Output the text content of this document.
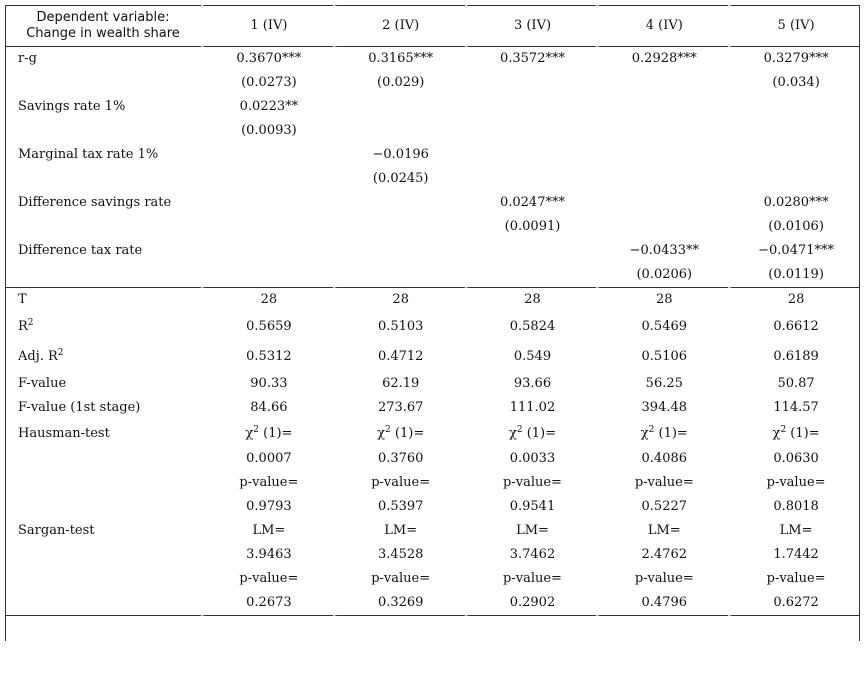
Dependent variable:
Change in wealth share	1 (IV)	2 (IV)	3 (IV)	4 (IV)	5 (IV)
r-g	0.3670***	0.3165***	0.3572***	0.2928***	0.3279***
	(0.0273)	(0.029)			(0.034)
Savings rate 1%	0.0223**				
	(0.0093)				
Marginal tax rate 1%		−0.0196			
		(0.0245)			
Difference savings rate			0.0247***		0.0280***
			(0.0091)		(0.0106)
Difference tax rate				−0.0433**	−0.0471***
				(0.0206)	(0.0119)
T	28	28	28	28	28
$R^2$	0.5659	0.5103	0.5824	0.5469	0.6612
Adj. $R^2$	0.5312	0.4712	0.549	0.5106	0.6189
F-value	90.33	62.19	93.66	56.25	50.87
F-value (1st stage)	84.66	273.67	111.02	394.48	114.57
Hausman-test	$\chi^2$ (1)=	$\chi^2$ (1)=	$\chi^2$ (1)=	$\chi^2$ (1)=	$\chi^2$ (1)=
	0.0007	0.3760	0.0033	0.4086	0.0630
	p-value=	p-value=	p-value=	p-value=	p-value=
	0.9793	0.5397	0.9541	0.5227	0.8018
Sargan-test	LM=	LM=	LM=	LM=	LM=
	3.9463	3.4528	3.7462	2.4762	1.7442
	p-value=	p-value=	p-value=	p-value=	p-value=
	0.2673	0.3269	0.2902	0.4796	0.6272
